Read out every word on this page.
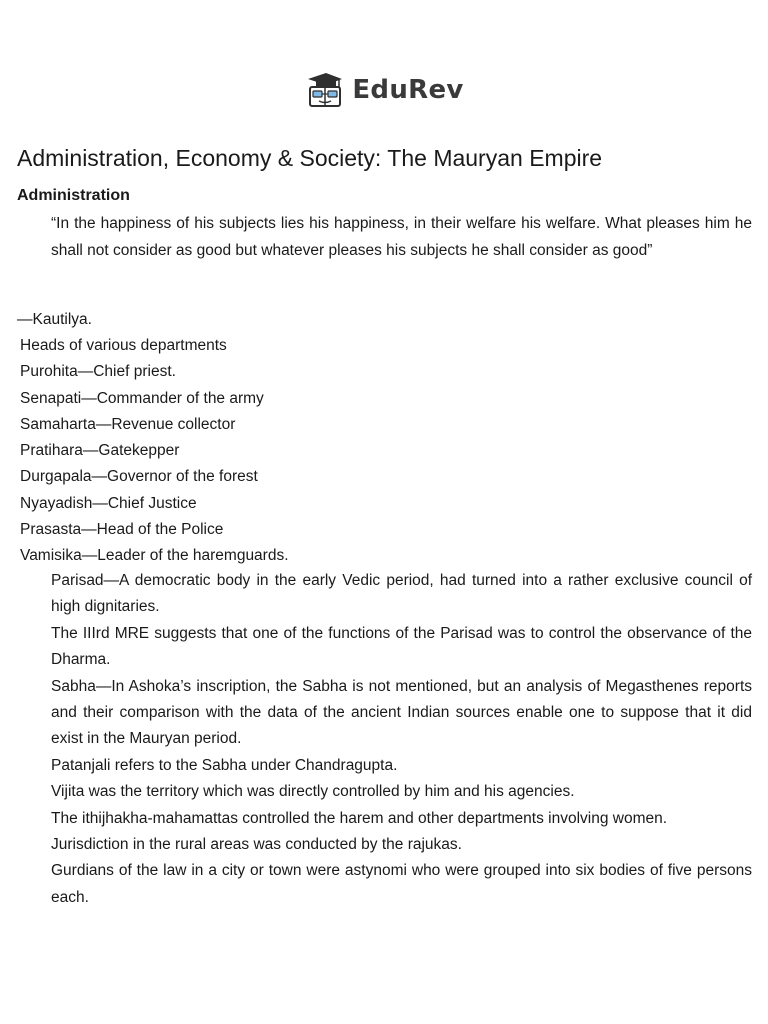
EduRev
Administration, Economy & Society: The Mauryan Empire
Administration

“In the happiness of his subjects lies his happiness, in their welfare his welfare. What pleases him he shall not consider as good but whatever pleases his subjects he shall consider as good”

—Kautilya.

Heads of various departments
Purohita—Chief priest.
Senapati—Commander of the army
Samaharta—Revenue collector
Pratihara—Gatekepper
Durgapala—Governor of the forest
Nyayadish—Chief Justice
Prasasta—Head of the Police
Vamisika—Leader of the haremguards.

Parisad—A democratic body in the early Vedic period, had turned into a rather exclusive council of high dignitaries.

The IIIrd MRE suggests that one of the functions of the Parisad was to control the observance of the Dharma.

Sabha—In Ashoka’s inscription, the Sabha is not mentioned, but an analysis of Megasthenes reports and their comparison with the data of the ancient Indian sources enable one to suppose that it did exist in the Mauryan period.

Patanjali refers to the Sabha under Chandragupta.

Vijita was the territory which was directly controlled by him and his agencies.

The ithijhakha-mahamattas controlled the harem and other departments involving women.

Jurisdiction in the rural areas was conducted by the rajukas.

Gurdians of the law in a city or town were astynomi who were grouped into six bodies of five persons each.
